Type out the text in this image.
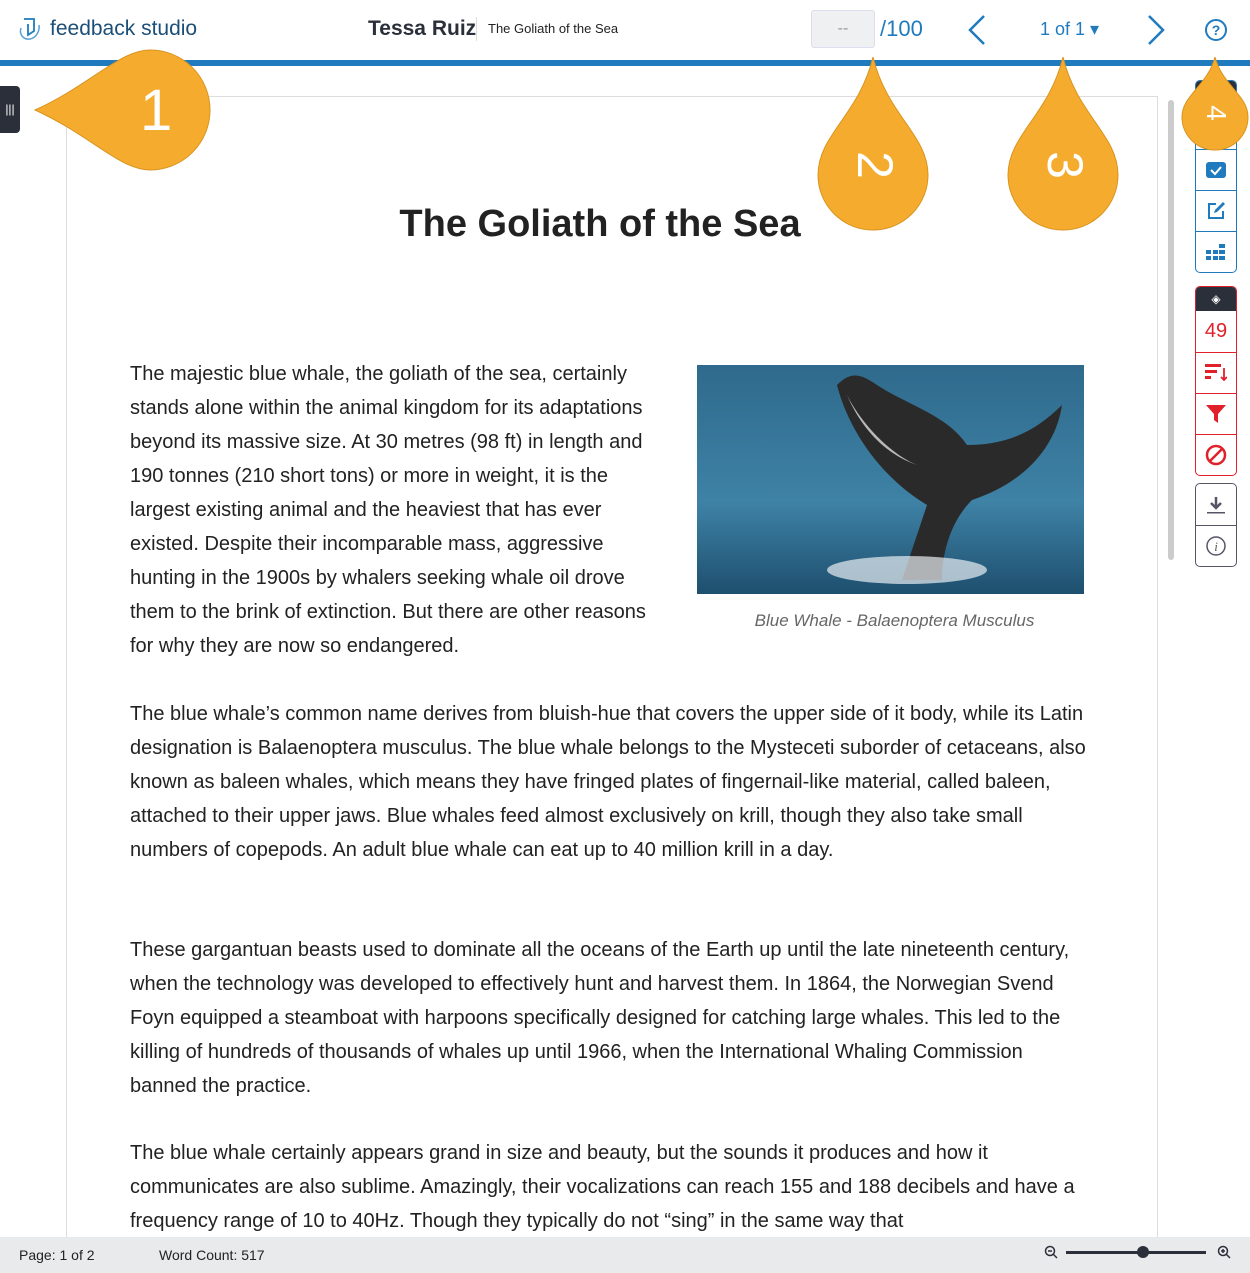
feedback studio	Tessa Ruiz The Goliath of the Sea	--	/100	1 of 1 ▾	?
|||
The Goliath of the Sea

The majestic blue whale, the goliath of the sea, certainly stands alone within the animal kingdom for its adaptations beyond its massive size. At 30 metres (98 ft) in length and 190 tonnes (210 short tons) or more in weight, it is the largest existing animal and the heaviest that has ever existed. Despite their incomparable mass, aggressive hunting in the 1900s by whalers seeking whale oil drove them to the brink of extinction. But there are other reasons for why they are now so endangered.

Blue Whale - Balaenoptera Musculus

The blue whale’s common name derives from bluish-hue that covers the upper side of it body, while its Latin designation is Balaenoptera musculus. The blue whale belongs to the Mysteceti suborder of cetaceans, also known as baleen whales, which means they have fringed plates of fingernail-like material, called baleen, attached to their upper jaws. Blue whales feed almost exclusively on krill, though they also take small numbers of copepods. An adult blue whale can eat up to 40 million krill in a day.

These gargantuan beasts used to dominate all the oceans of the Earth up until the late nineteenth century, when the technology was developed to effectively hunt and harvest them. In 1864, the Norwegian Svend Foyn equipped a steamboat with harpoons specifically designed for catching large whales. This led to the killing of hundreds of thousands of whales up until 1966, when the International Whaling Commission banned the practice.

The blue whale certainly appears grand in size and beauty, but the sounds it produces and how it communicates are also sublime. Amazingly, their vocalizations can reach 155 and 188 decibels and have a frequency range of 10 to 40Hz. Though they typically do not “sing” in the same way that

◈
49
i
Page: 1 of 2	Word Count: 517
1
2	3
4
